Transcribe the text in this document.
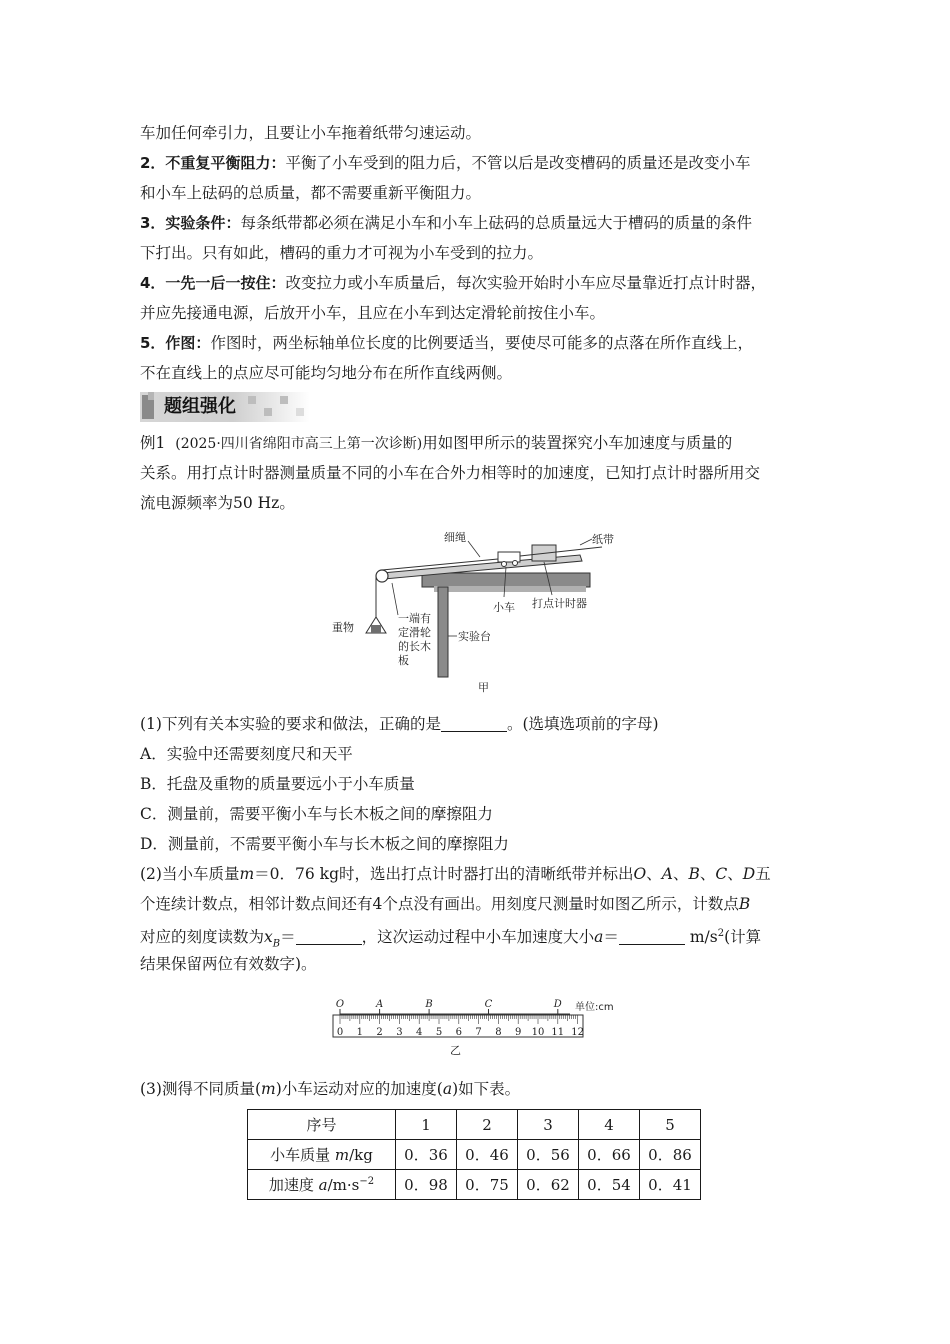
车加任何牵引力，且要让小车拖着纸带匀速运动。
2．不重复平衡阻力：平衡了小车受到的阻力后，不管以后是改变槽码的质量还是改变小车
和小车上砝码的总质量，都不需要重新平衡阻力。
3．实验条件：每条纸带都必须在满足小车和小车上砝码的总质量远大于槽码的质量的条件
下打出。只有如此，槽码的重力才可视为小车受到的拉力。
4．一先一后一按住：改变拉力或小车质量后，每次实验开始时小车应尽量靠近打点计时器，
并应先接通电源，后放开小车，且应在小车到达定滑轮前按住小车。
5．作图：作图时，两坐标轴单位长度的比例要适当，要使尽可能多的点落在所作直线上，
不在直线上的点应尽可能均匀地分布在所作直线两侧。
题组强化
例1 (2025·四川省绵阳市高三上第一次诊断)用如图甲所示的装置探究小车加速度与质量的
关系。用打点计时器测量质量不同的小车在合外力相等时的加速度，已知打点计时器所用交
流电源频率为50 Hz。
细绳	纸带
小车 打点计时器
重物
一端有
定滑轮
的长木
板
实验台
甲
(1)下列有关本实验的要求和做法，正确的是	。(选填选项前的字母)
A．实验中还需要刻度尺和天平
B．托盘及重物的质量要远小于小车质量
C．测量前，需要平衡小车与长木板之间的摩擦阻力
D．测量前，不需要平衡小车与长木板之间的摩擦阻力
(2)当小车质量m＝0．76 kg时，选出打点计时器打出的清晰纸带并标出O、A、B、C、D五
个连续计数点，相邻计数点间还有4个点没有画出。用刻度尺测量时如图乙所示，计数点B
对应的刻度读数为$x_B=$	，这次运动过程中小车加速度大小a＝	$m/s^2$(计算
结果保留两位有效数字)。
O	A	B	C	D
0 1 2 3 4 5 6 7 8 9 10 11 12
单位:cm
乙
(3)测得不同质量(m)小车运动对应的加速度(a)如下表。
序号	1	2	3	4	5
小车质量 m/kg	0．36	0．46	0．56	0．66	0．86
加速度 $a/m\cdot s^{-2}$	0．98	0．75	0．62	0．54	0．41
